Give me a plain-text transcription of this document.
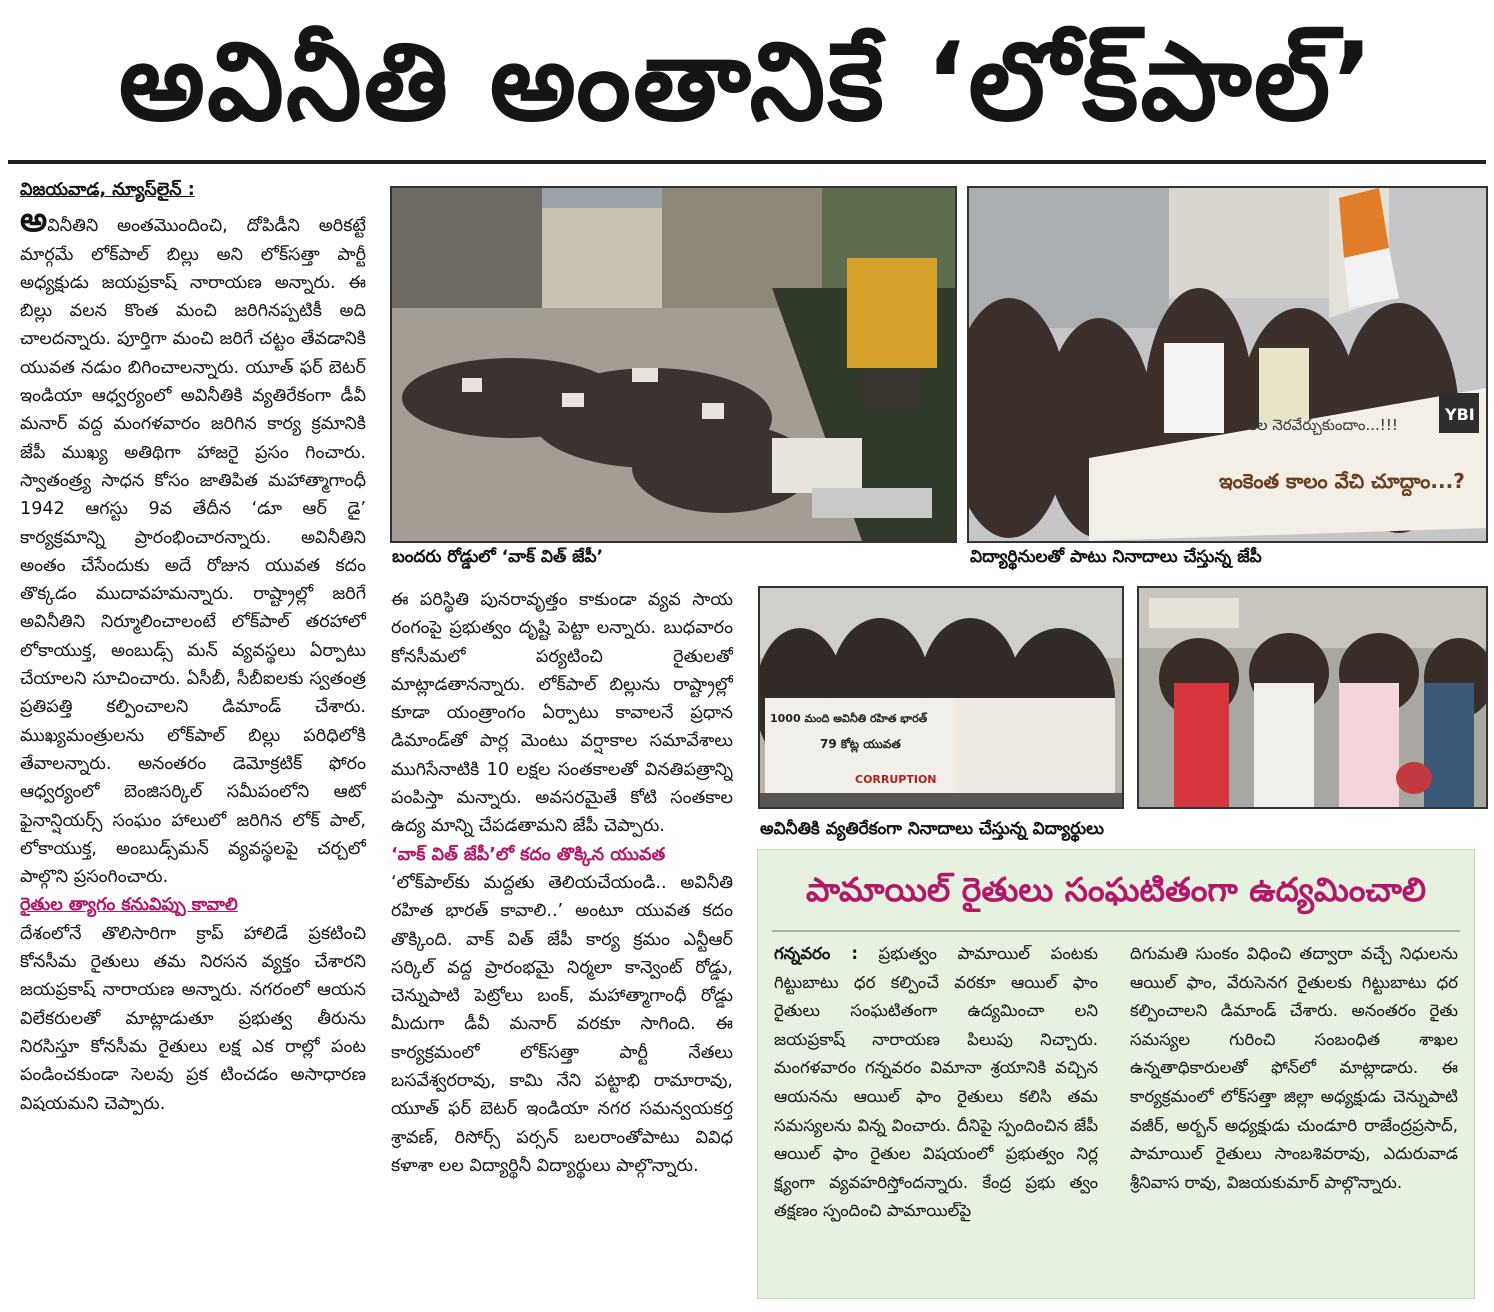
అవినీతి అంతానికే ‘లోక్‌పాల్’

విజయవాడ, న్యూస్‌లైన్ :

అవినీతిని అంతమొందించి, దోపిడీని అరికట్టే మార్గమే లోక్‌పాల్ బిల్లు అని లోక్‌సత్తా పార్టీ అధ్యక్షుడు జయప్రకాష్ నారాయణ అన్నారు. ఈ బిల్లు వలన కొంత మంచి జరిగినప్పటికీ అది చాలదన్నారు. పూర్తిగా మంచి జరిగే చట్టం తేవడానికి యువత నడుం బిగించాలన్నారు. యూత్ ఫర్ బెటర్ ఇండియా ఆధ్వర్యంలో అవినీతికి వ్యతిరేకంగా డీవీ మనార్ వద్ద మంగళవారం జరిగిన కార్య క్రమానికి జేపీ ముఖ్య అతిథిగా హాజరై ప్రసం గించారు. స్వాతంత్ర్య సాధన కోసం జాతిపిత మహాత్మాగాంధీ 1942 ఆగస్టు 9వ తేదీన ‘డూ ఆర్ డై’ కార్యక్రమాన్ని ప్రారంభించారన్నారు. అవినీతిని అంతం చేసేందుకు అదే రోజున యువత కదం తొక్కడం ముదావహమన్నారు. రాష్ట్రాల్లో జరిగే అవినీతిని నిర్మూలించాలంటే లోక్‌పాల్ తరహాలో లోకాయుక్త, అంబుడ్స్ మన్ వ్యవస్థలు ఏర్పాటు చేయాలని సూచించారు. ఏసీబీ, సీబీఐలకు స్వతంత్ర ప్రతిపత్తి కల్పించాలని డిమాండ్ చేశారు. ముఖ్యమంత్రులను లోక్‌పాల్ బిల్లు పరిధిలోకి తేవాలన్నారు. అనంతరం డెమోక్రటిక్ ఫోరం ఆధ్వర్యంలో బెంజిసర్కిల్ సమీపంలోని ఆటో ఫైనాన్షియర్స్ సంఘం హాలులో జరిగిన లోక్ పాల్, లోకాయుక్త, అంబుడ్స్‌మన్ వ్యవస్థలపై చర్చలో పాల్గొని ప్రసంగించారు.

రైతుల త్యాగం కనువిప్పు కావాలి

దేశంలోనే తొలిసారిగా క్రాప్ హాలిడే ప్రకటించి కోనసీమ రైతులు తమ నిరసన వ్యక్తం చేశారని జయప్రకాష్ నారాయణ అన్నారు. నగరంలో ఆయన విలేకరులతో మాట్లాడుతూ ప్రభుత్వ తీరును నిరసిస్తూ కోనసీమ రైతులు లక్ష ఎక రాల్లో పంట పండించకుండా సెలవు ప్రక టించడం అసాధారణ విషయమని చెప్పారు.

బందరు రోడ్డులో ‘వాక్ విత్ జేపీ’
YBI
కల నెరవేర్చుకుందాం...!!!
ఇంకెంత కాలం వేచి చూద్దాం...?
విద్యార్థినులతో పాటు నినాదాలు చేస్తున్న జేపీ

ఈ పరిస్థితి పునరావృత్తం కాకుండా వ్యవ సాయ రంగంపై ప్రభుత్వం దృష్టి పెట్టా లన్నారు. బుధవారం కోనసీమలో పర్యటించి రైతులతో మాట్లాడతానన్నారు. లోక్‌పాల్ బిల్లును రాష్ట్రాల్లో కూడా యంత్రాంగం ఏర్పాటు కావాలనే ప్రధాన డిమాండ్‌తో పార్ల మెంటు వర్షాకాల సమావేశాలు ముగిసేనాటికి 10 లక్షల సంతకాలతో వినతిపత్రాన్ని పంపిస్తా మన్నారు. అవసరమైతే కోటి సంతకాల ఉద్య మాన్ని చేపడతామని జేపీ చెప్పారు.

‘వాక్ విత్ జేపీ’లో కదం తొక్కిన యువత

‘లోక్‌పాల్‌కు మద్దతు తెలియచేయండి.. అవినీతి రహిత భారత్ కావాలి..’ అంటూ యువత కదం తొక్కింది. వాక్ విత్ జేపీ కార్య క్రమం ఎన్టీఆర్ సర్కిల్ వద్ద ప్రారంభమై నిర్మలా కాన్వెంట్ రోడ్డు, చెన్నుపాటి పెట్రోలు బంక్, మహాత్మాగాంధీ రోడ్డు మీదుగా డీవీ మనార్ వరకూ సాగింది. ఈ కార్యక్రమంలో లోక్‌సత్తా పార్టీ నేతలు బసవేశ్వరరావు, కామి నేని పట్టాభి రామారావు, యూత్ ఫర్ బెటర్ ఇండియా నగర సమన్వయకర్త శ్రావణ్, రిసోర్స్ పర్సన్ బలరాంతోపాటు వివిధ కళాశా లల విద్యార్థినీ విద్యార్థులు పాల్గొన్నారు.

1000 మంది అవినీతి రహిత భారత్
79 కోట్ల యువత
CORRUPTION
అవినీతికి వ్యతిరేకంగా నినాదాలు చేస్తున్న విద్యార్థులు
పామాయిల్ రైతులు సంఘటితంగా ఉద్యమించాలి

గన్నవరం : ప్రభుత్వం పామాయిల్ పంటకు గిట్టుబాటు ధర కల్పించే వరకూ ఆయిల్ ఫాం రైతులు సంఘటితంగా ఉద్యమించా లని జయప్రకాష్ నారాయణ పిలుపు నిచ్చారు. మంగళవారం గన్నవరం విమానా శ్రయానికి వచ్చిన ఆయనను ఆయిల్ ఫాం రైతులు కలిసి తమ సమస్యలను విన్న వించారు. దీనిపై స్పందించిన జేపీ ఆయిల్ ఫాం రైతుల విషయంలో ప్రభుత్వం నిర్ల క్ష్యంగా వ్యవహరిస్తోందన్నారు. కేంద్ర ప్రభు త్వం తక్షణం స్పందించి పామాయిల్‌పై

దిగుమతి సుంకం విధించి తద్వారా వచ్చే నిధులను ఆయిల్ ఫాం, వేరుసెనగ రైతులకు గిట్టుబాటు ధర కల్పించాలని డిమాండ్ చేశారు. అనంతరం రైతు సమస్యల గురించి సంబంధిత శాఖల ఉన్నతాధికారులతో ఫోన్‌లో మాట్లాడారు. ఈ కార్యక్రమంలో లోక్‌సత్తా జిల్లా అధ్యక్షుడు చెన్నుపాటి వజీర్, అర్బన్ అధ్యక్షుడు చుండూరి రాజేంద్రప్రసాద్, పామాయిల్ రైతులు సాంబశివరావు, ఎదురువాడ శ్రీనివాస రావు, విజయకుమార్ పాల్గొన్నారు.
